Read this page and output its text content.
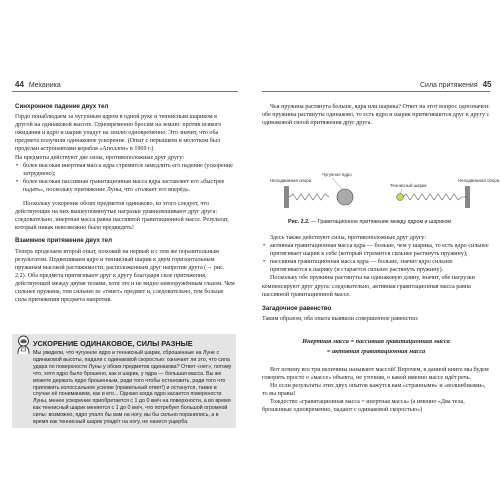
44 Механика
Синхронное падение двух тел

Гордо понаблюдаем за чугунным ядром в одной руке и теннисным шариком в другой на одинаковой высоте. Одновременно бросим на землю: против всякого ожидания и ядро и шарик упадут на землю одновременно. Это значит, что оба предмета получили одинаковое ускорение. (Опыт с перышком и молотком был проделан астронавтами корабля «Аполлон» в 1969 г.)

На предметы действуют две силы, противоположные друг другу:

• более высокая инертная масса ядра стремится замедлить его падение (ускорение затруднено);
• более высокая пассивная гравитационная масса ядра заставляет его «быстрее падать», поскольку притяжение Луны, что «толкает его вперёд».

Поскольку ускорение обоих предметов одинаково, из этого следует, что действующие на них вышеупомянутые награзки уравновешивают друг друга: следовательно, инертная масса равна пассивной гравитационной массе. Результат, который никак невозможно было предвидеть!

Взаимное притяжение двух тел

Теперь проделаем второй опыт, похожий на первый и с тем же поразительным результатом. Подвешиваем ядро и теннисный шарик к двум горизонтальным пружинам высокой растяжимости, расположенным друг напротив друга (→ рис. 2.2). Оба предмета притягивают друг к другу благодаря силе притяжения, действующей между двумя телами, хотя это и не видно невооружённым глазом. Чем сильнее пружина, тем сильнее ее «тянет» предмет и, следовательно, тем больше сила притяжения предмета напротив.

УСКОРЕНИЕ ОДИНАКОВОЕ, СИЛЫ РАЗНЫЕ
Мы увидели, что чугунное ядро и теннисный шарик, сброшенные на Луне с одинаковой высоты, падали с одинаковой скоростью: означает ли это, что сила удара по поверхности Луны у обоих предметов одинакова? Ответ «нет», потому что, хотя ядро было брошено, как и шарик, у ядра — большая масса. Вы же можете держать ядро брошенным, ради того чтобы остановить, ради того что приложить колоссальное усилие (правильный ответ!) и останутся, также в случае её пониманием, как и его... Однако когда ядро касается поверхности Луны, менее ускорение приобретается с 1 до 0 км/ч на поверхности, а во время как теннисный шарик меняется с 1 до 0 км/ч, что потребует большой огромной силы: возможно, ядро упало бы вам на ногу, вы бы сильно поранились, а в время как теннисный шарик упадёт на ногу, не нанеся ущерба.
Сила притяжения 45

Чья пружина растянута больше, ядра или шарика? Ответ на этот вопрос однозначен: обе пружины растянуты одинаково, то есть ядро и шарик притягиваются друг к другу с одинаковой силой притяжения друг друга.

Чугунное ядро
Теннисный шарик
Неподвижная опора	Неподвижная опора
Рис. 2.2. — Гравитационное притяжение между ядром и шариком

Здесь также действуют силы, противоположные друг другу:

• активная гравитационная масса ядра — больше, чем у шарика, то есть ядро сильнее притягивает шарик к себе (который стремится сильнее растянуть пружину);
• пассивная гравитационная масса ядра — больше, значит ядро сильнее притягивается к шарику (и старается сильнее растянуть пружину).

Поскольку обе пружины растянуты на одинаковую длину, значит, обе нагрузки компенсируют друг друга: следовательно, активная гравитационная масса равна пассивной гравитационной массе.

Загадочное равенство

Таким образом, оба опыта выявили совершенное равенство:

Инертная масса = пассивная гравитационная масса
= активная гравитационная масса

Вот почему все три величины называют массой! Впрочем, в данной книге мы будем говорить просто о «массе» объекта, не уточняя, о какой именно массе идёт речь.

Но если результаты этих двух опытов кажутся вам «странными» и «волшебными», то вы правы!

Тождество «гравитационная масса = инертная масса» (а именно «Два тела, брошенные одновременно, падают с одинаковой скоростью»)
